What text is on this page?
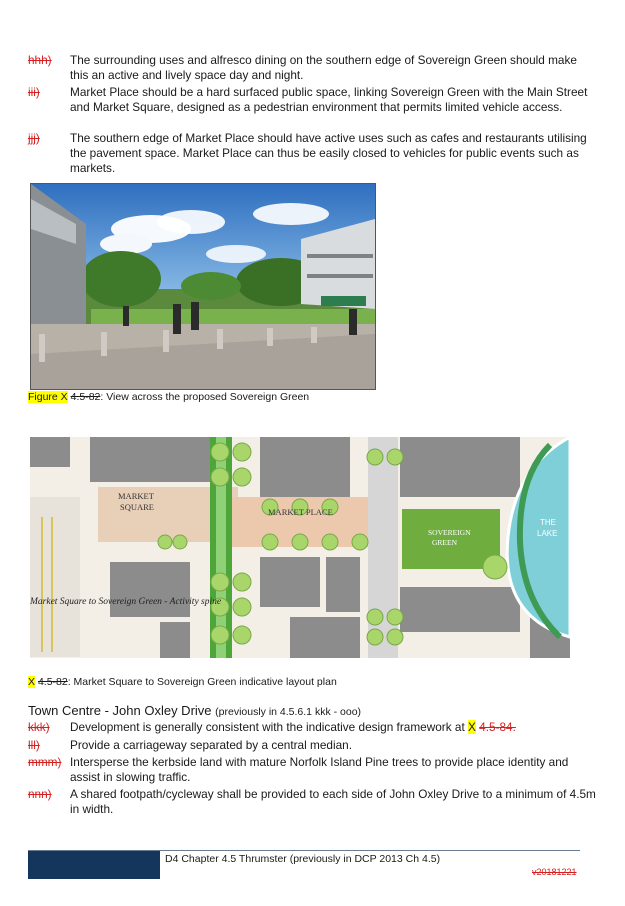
hhh) The surrounding uses and alfresco dining on the southern edge of Sovereign Green should make this an active and lively space day and night.
iii)	Market Place should be a hard surfaced public space, linking Sovereign Green with the Main Street and Market Square, designed as a pedestrian environment that permits limited vehicle access.
jjj)	The southern edge of Market Place should have active uses such as cafes and restaurants utilising the pavement space. Market Place can thus be easily closed to vehicles for public events such as markets.
Figure X 4.5-82: View across the proposed Sovereign Green
MARKET
SQUARE	MARKET PLACE
SOVEREIGN
GREEN
THE
LAKE
Market Square to Sovereign Green - Activity spine
X 4.5-82: Market Square to Sovereign Green indicative layout plan
Town Centre - John Oxley Drive (previously in 4.5.6.1 kkk - ooo)
kkk) Development is generally consistent with the indicative design framework at X 4.5-84.
lll)	Provide a carriageway separated by a central median.
mmm) Intersperse the kerbside land with mature Norfolk Island Pine trees to provide place identity and assist in slowing traffic.
nnn) A shared footpath/cycleway shall be provided to each side of John Oxley Drive to a minimum of 4.5m in width.
D4 Chapter 4.5 Thrumster (previously in DCP 2013 Ch 4.5)
v20181221
